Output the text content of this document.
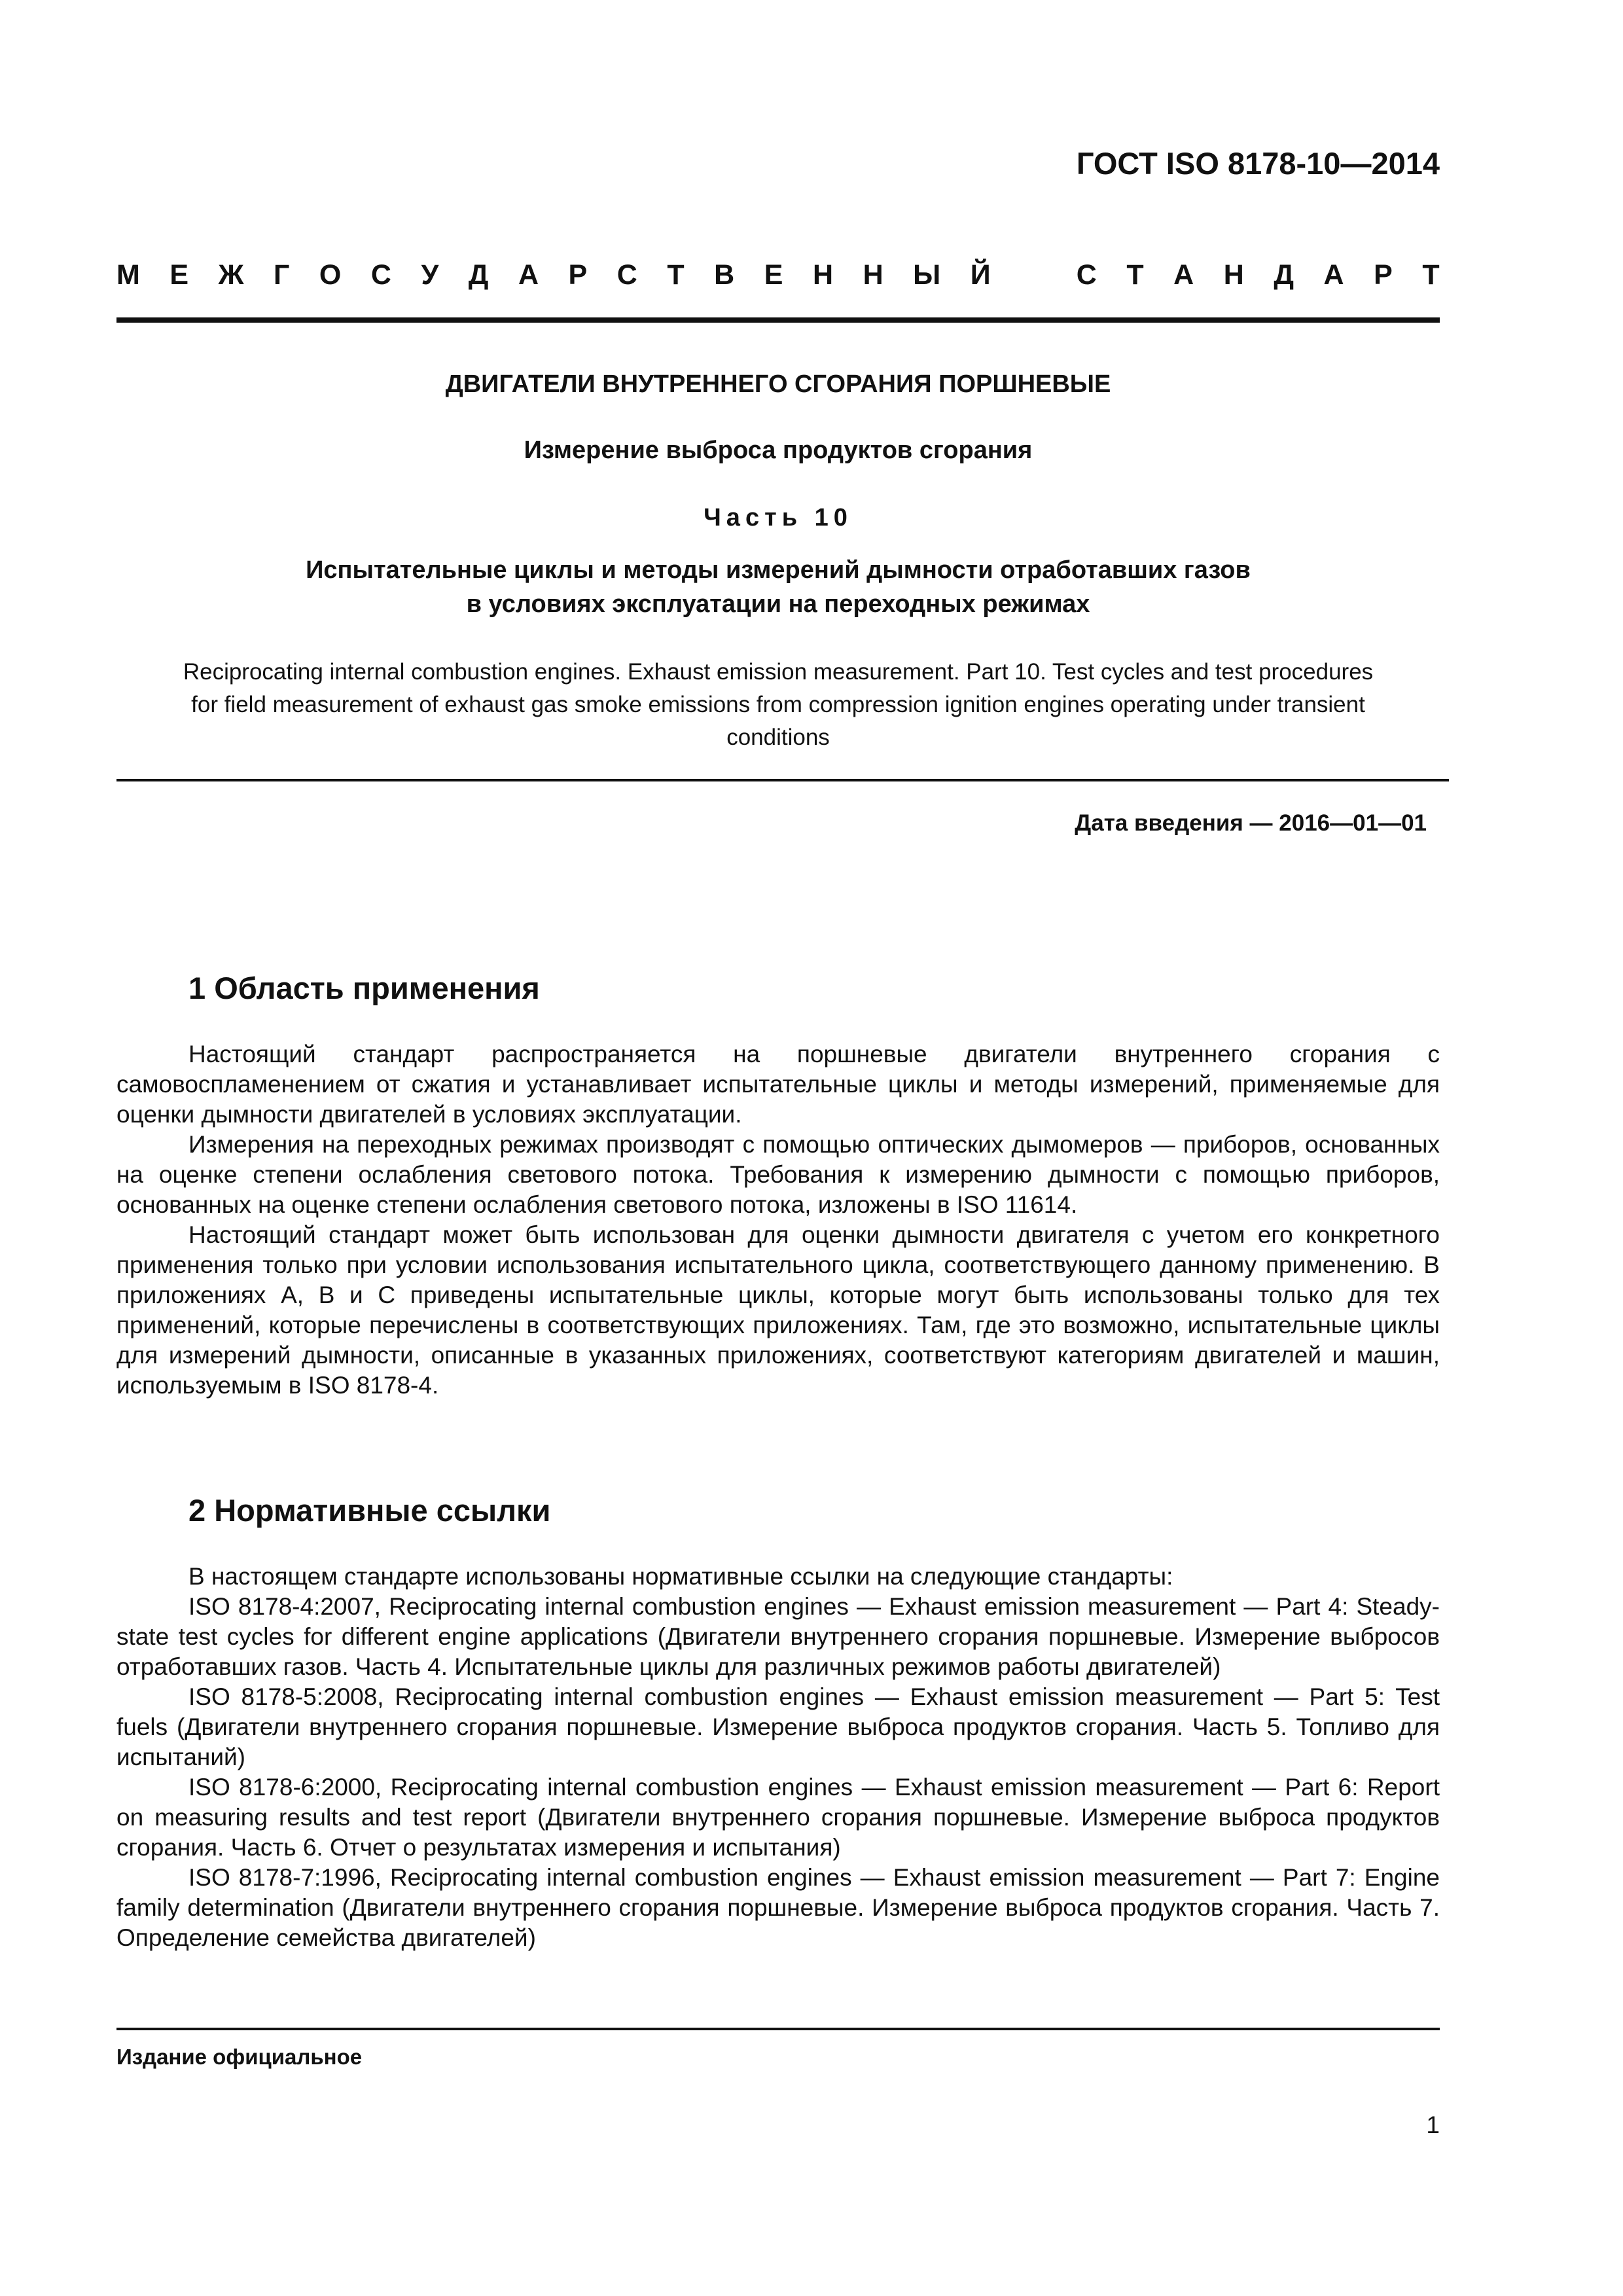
ГОСТ ISO 8178-10—2014
М Е Ж Г О С У Д А Р С Т В Е Н Н Ы Й	С Т А Н Д А Р Т
ДВИГАТЕЛИ ВНУТРЕННЕГО СГОРАНИЯ ПОРШНЕВЫЕ
Измерение выброса продуктов сгорания
Часть 10
Испытательные циклы и методы измерений дымности отработавших газов
в условиях эксплуатации на переходных режимах
Reciprocating internal combustion engines. Exhaust emission measurement. Part 10. Test cycles and test procedures
for field measurement of exhaust gas smoke emissions from compression ignition engines operating under transient
conditions
Дата введения — 2016—01—01
1 Область применения

Настоящий стандарт распространяется на поршневые двигатели внутреннего сгорания с самовоспламенением от сжатия и устанавливает испытательные циклы и методы измерений, применяемые для оценки дымности двигателей в условиях эксплуатации.

Измерения на переходных режимах производят с помощью оптических дымомеров — приборов, основанных на оценке степени ослабления светового потока. Требования к измерению дымности с помощью приборов, основанных на оценке степени ослабления светового потока, изложены в ISO 11614.

Настоящий стандарт может быть использован для оценки дымности двигателя с учетом его конкретного применения только при условии использования испытательного цикла, соответствующего данному применению. В приложениях A, B и C приведены испытательные циклы, которые могут быть использованы только для тех применений, которые перечислены в соответствующих приложениях. Там, где это возможно, испытательные циклы для измерений дымности, описанные в указанных приложениях, соответствуют категориям двигателей и машин, используемым в ISO 8178-4.

2 Нормативные ссылки

В настоящем стандарте использованы нормативные ссылки на следующие стандарты:

ISO 8178-4:2007, Reciprocating internal combustion engines — Exhaust emission measurement — Part 4: Steady-state test cycles for different engine applications (Двигатели внутреннего сгорания поршневые. Измерение выбросов отработавших газов. Часть 4. Испытательные циклы для различных режимов работы двигателей)

ISO 8178-5:2008, Reciprocating internal combustion engines — Exhaust emission measurement — Part 5: Test fuels (Двигатели внутреннего сгорания поршневые. Измерение выброса продуктов сгорания. Часть 5. Топливо для испытаний)

ISO 8178-6:2000, Reciprocating internal combustion engines — Exhaust emission measurement — Part 6: Report on measuring results and test report (Двигатели внутреннего сгорания поршневые. Измерение выброса продуктов сгорания. Часть 6. Отчет о результатах измерения и испытания)

ISO 8178-7:1996, Reciprocating internal combustion engines — Exhaust emission measurement — Part 7: Engine family determination (Двигатели внутреннего сгорания поршневые. Измерение выброса продуктов сгорания. Часть 7. Определение семейства двигателей)

Издание официальное
1
